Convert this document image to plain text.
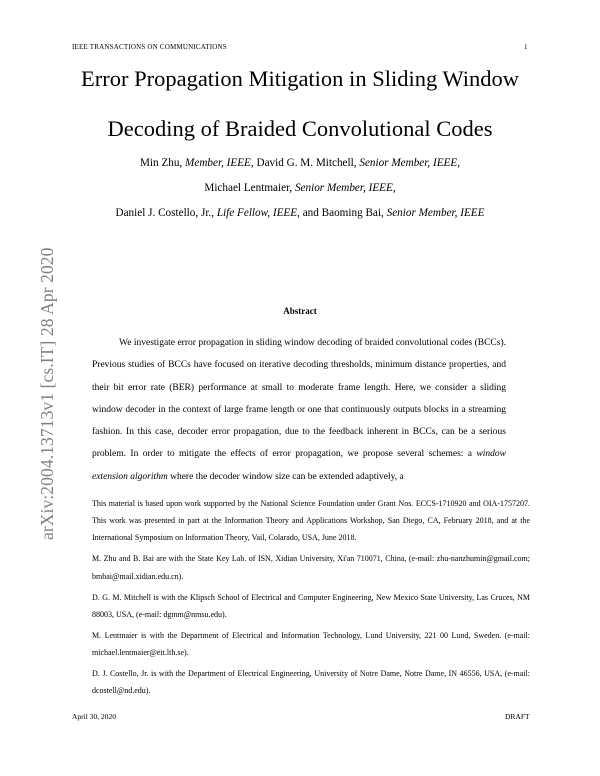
IEEE TRANSACTIONS ON COMMUNICATIONS	1
arXiv:2004.13713v1 [cs.IT] 28 Apr 2020
Error Propagation Mitigation in Sliding Window
Decoding of Braided Convolutional Codes
Min Zhu, Member, IEEE, David G. M. Mitchell, Senior Member, IEEE,
Michael Lentmaier, Senior Member, IEEE,
Daniel J. Costello, Jr., Life Fellow, IEEE, and Baoming Bai, Senior Member, IEEE
Abstract

We investigate error propagation in sliding window decoding of braided convolutional codes (BCCs). Previous studies of BCCs have focused on iterative decoding thresholds, minimum distance properties, and their bit error rate (BER) performance at small to moderate frame length. Here, we consider a sliding window decoder in the context of large frame length or one that continuously outputs blocks in a streaming fashion. In this case, decoder error propagation, due to the feedback inherent in BCCs, can be a serious problem. In order to mitigate the effects of error propagation, we propose several schemes: a window extension algorithm where the decoder window size can be extended adaptively, a

This material is based upon work supported by the National Science Foundation under Grant Nos. ECCS-1710920 and OIA-1757207. This work was presented in part at the Information Theory and Applications Workshop, San Diego, CA, February 2018, and at the International Symposium on Information Theory, Vail, Colarado, USA, June 2018.

M. Zhu and B. Bai are with the State Key Lab. of ISN, Xidian University, Xi'an 710071, China, (e-mail: zhu-nanzhumin@gmail.com; bmbai@mail.xidian.edu.cn).

D. G. M. Mitchell is with the Klipsch School of Electrical and Computer Engineering, New Mexico State University, Las Cruces, NM 88003, USA, (e-mail: dgmm@nmsu.edu).

M. Lentmaier is with the Department of Electrical and Information Technology, Lund University, 221 00 Lund, Sweden. (e-mail: michael.lentmaier@eit.lth.se).

D. J. Costello, Jr. is with the Department of Electrical Engineering, University of Notre Dame, Notre Dame, IN 46556, USA, (e-mail: dcostell@nd.edu).

April 30, 2020	DRAFT
